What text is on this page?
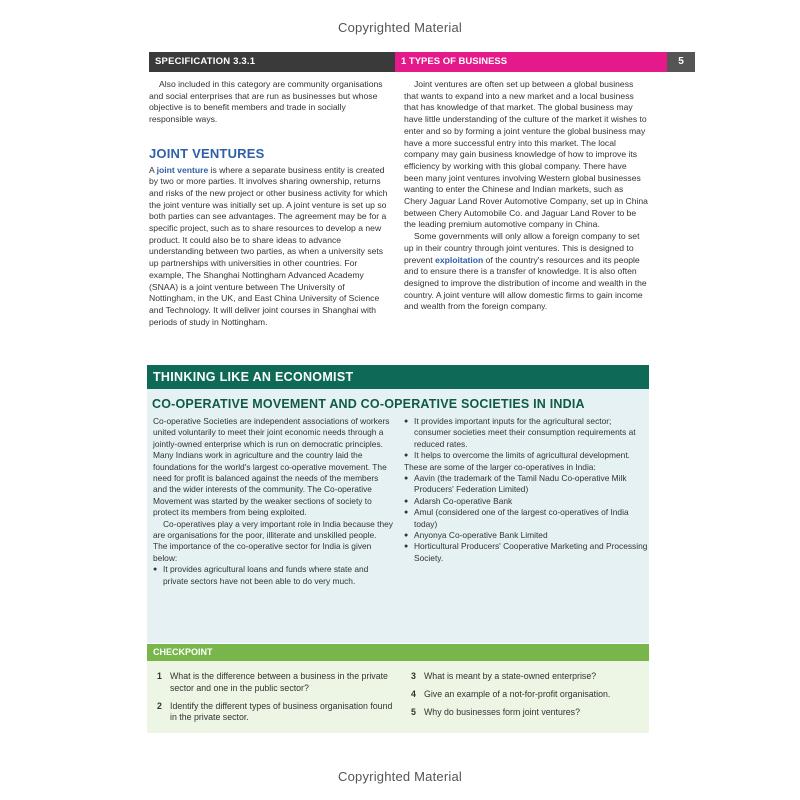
Copyrighted Material
SPECIFICATION 3.3.1	1 TYPES OF BUSINESS	5

Also included in this category are community organisations and social enterprises that are run as businesses but whose objective is to benefit members and trade in socially responsible ways.

JOINT VENTURES

A joint venture is where a separate business entity is created by two or more parties. It involves sharing ownership, returns and risks of the new project or other business activity for which the joint venture was initially set up. A joint venture is set up so both parties can see advantages. The agreement may be for a specific project, such as to share resources to develop a new product. It could also be to share ideas to advance understanding between two parties, as when a university sets up partnerships with universities in other countries. For example, The Shanghai Nottingham Advanced Academy (SNAA) is a joint venture between The University of Nottingham, in the UK, and East China University of Science and Technology. It will deliver joint courses in Shanghai with periods of study in Nottingham.

Joint ventures are often set up between a global business that wants to expand into a new market and a local business that has knowledge of that market. The global business may have little understanding of the culture of the market it wishes to enter and so by forming a joint venture the global business may have a more successful entry into this market. The local company may gain business knowledge of how to improve its efficiency by working with this global company. There have been many joint ventures involving Western global businesses wanting to enter the Chinese and Indian markets, such as Chery Jaguar Land Rover Automotive Company, set up in China between Chery Automobile Co. and Jaguar Land Rover to be the leading premium automotive company in China.

Some governments will only allow a foreign company to set up in their country through joint ventures. This is designed to prevent exploitation of the country's resources and its people and to ensure there is a transfer of knowledge. It is also often designed to improve the distribution of income and wealth in the country. A joint venture will allow domestic firms to gain income and wealth from the foreign company.

THINKING LIKE AN ECONOMIST
CO-OPERATIVE MOVEMENT AND CO-OPERATIVE SOCIETIES IN INDIA

Co-operative Societies are independent associations of workers united voluntarily to meet their joint economic needs through a jointly-owned enterprise which is run on democratic principles. Many Indians work in agriculture and the country laid the foundations for the world's largest co-operative movement. The need for profit is balanced against the needs of the members and the wider interests of the community. The Co-operative Movement was started by the weaker sections of society to protect its members from being exploited.

Co-operatives play a very important role in India because they are organisations for the poor, illiterate and unskilled people. The importance of the co-operative sector for India is given below:

● It provides agricultural loans and funds where state and private sectors have not been able to do very much.
● It provides important inputs for the agricultural sector; consumer societies meet their consumption requirements at reduced rates.
● It helps to overcome the limits of agricultural development.

These are some of the larger co-operatives in India:

● Aavin (the trademark of the Tamil Nadu Co-operative Milk Producers' Federation Limited)
● Adarsh Co-operative Bank
● Amul (considered one of the largest co-operatives of India today)
● Anyonya Co-operative Bank Limited
● Horticultural Producers' Cooperative Marketing and Processing Society.
CHECKPOINT
1 What is the difference between a business in the private sector and one in the public sector?
2 Identify the different types of business organisation found in the private sector.
3 What is meant by a state-owned enterprise?
4 Give an example of a not-for-profit organisation.
5 Why do businesses form joint ventures?
Copyrighted Material
